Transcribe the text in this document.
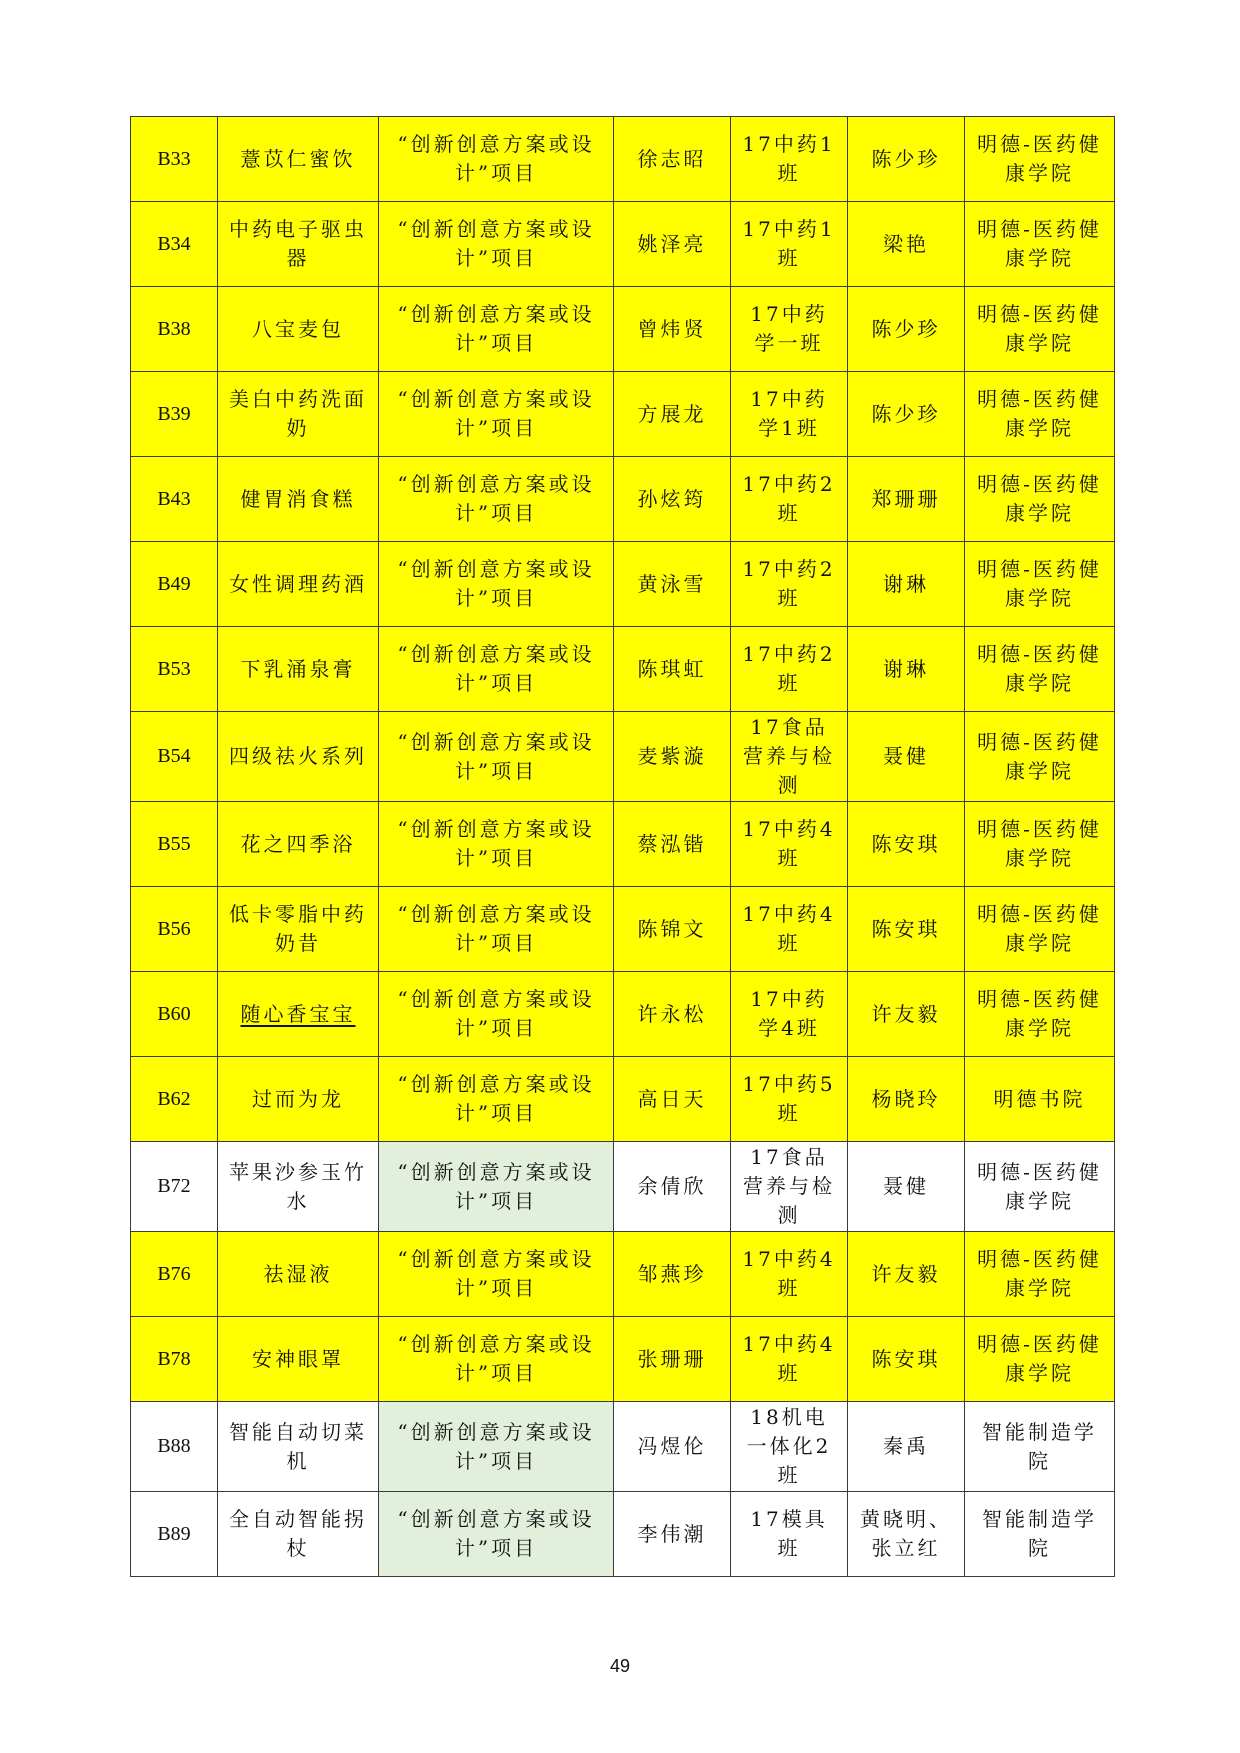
B33	薏苡仁蜜饮	“创新创意方案或设计”项目	徐志昭	17中药1班	陈少珍	明德-医药健康学院
B34	中药电子驱虫器	“创新创意方案或设计”项目	姚泽亮	17中药1班	梁艳	明德-医药健康学院
B38	八宝麦包	“创新创意方案或设计”项目	曾炜贤	17中药学一班	陈少珍	明德-医药健康学院
B39	美白中药洗面奶	“创新创意方案或设计”项目	方展龙	17中药学1班	陈少珍	明德-医药健康学院
B43	健胃消食糕	“创新创意方案或设计”项目	孙炫筠	17中药2班	郑珊珊	明德-医药健康学院
B49	女性调理药酒	“创新创意方案或设计”项目	黄泳雪	17中药2班	谢琳	明德-医药健康学院
B53	下乳涌泉膏	“创新创意方案或设计”项目	陈琪虹	17中药2班	谢琳	明德-医药健康学院
B54	四级祛火系列	“创新创意方案或设计”项目	麦紫漩	17食品营养与检测	聂健	明德-医药健康学院
B55	花之四季浴	“创新创意方案或设计”项目	蔡泓锴	17中药4班	陈安琪	明德-医药健康学院
B56	低卡零脂中药奶昔	“创新创意方案或设计”项目	陈锦文	17中药4班	陈安琪	明德-医药健康学院
B60	随心香宝宝	“创新创意方案或设计”项目	许永松	17中药学4班	许友毅	明德-医药健康学院
B62	过而为龙	“创新创意方案或设计”项目	高日天	17中药5班	杨晓玲	明德书院
B72	苹果沙参玉竹水	“创新创意方案或设计”项目	余倩欣	17食品营养与检测	聂健	明德-医药健康学院
B76	祛湿液	“创新创意方案或设计”项目	邹燕珍	17中药4班	许友毅	明德-医药健康学院
B78	安神眼罩	“创新创意方案或设计”项目	张珊珊	17中药4班	陈安琪	明德-医药健康学院
B88	智能自动切菜机	“创新创意方案或设计”项目	冯煜伦	18机电一体化2班	秦禹	智能制造学院
B89	全自动智能拐杖	“创新创意方案或设计”项目	李伟潮	17模具班	黄晓明、张立红	智能制造学院
49
